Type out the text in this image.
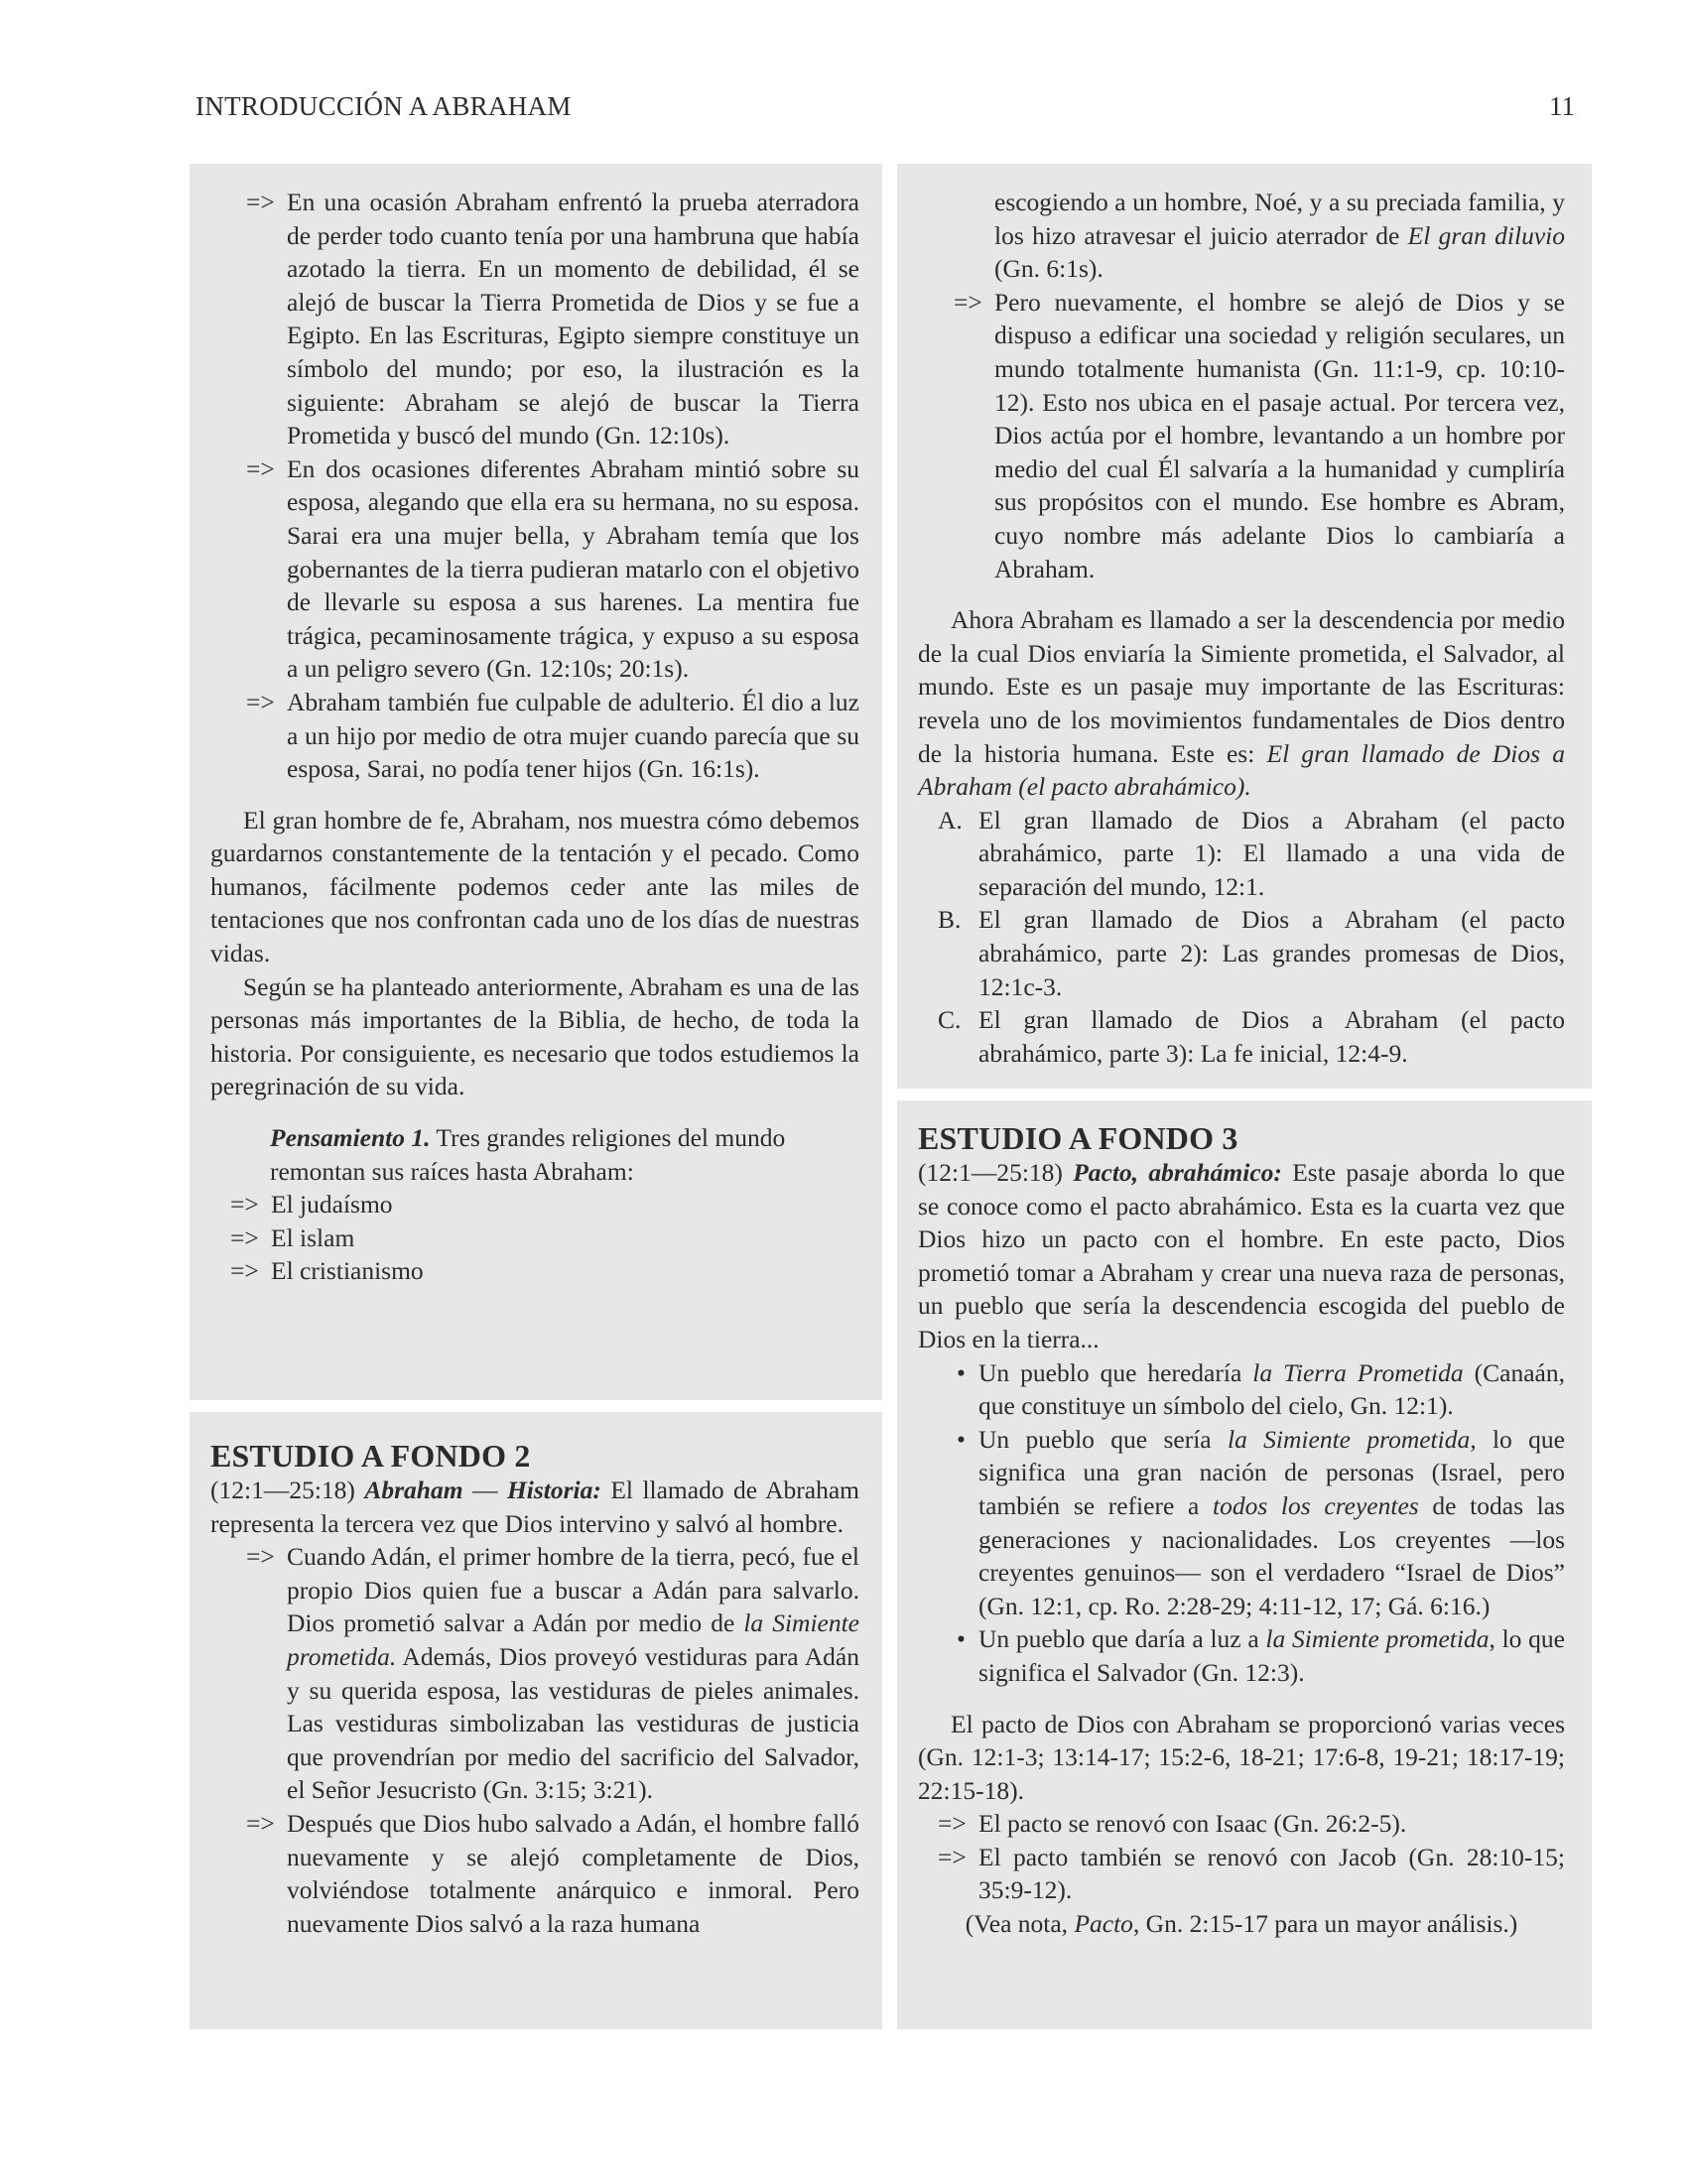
INTRODUCCIÓN A ABRAHAM	11
=> En una ocasión Abraham enfrentó la prueba aterradora de perder todo cuanto tenía por una hambruna que había azotado la tierra. En un momento de debilidad, él se alejó de buscar la Tierra Prometida de Dios y se fue a Egipto. En las Escrituras, Egipto siempre constituye un símbolo del mundo; por eso, la ilustración es la siguiente: Abraham se alejó de buscar la Tierra Prometida y buscó del mundo (Gn. 12:10s).
=> En dos ocasiones diferentes Abraham mintió sobre su esposa, alegando que ella era su hermana, no su esposa. Sarai era una mujer bella, y Abraham temía que los gobernantes de la tierra pudieran matarlo con el objetivo de llevarle su esposa a sus harenes. La mentira fue trágica, pecaminosamente trágica, y expuso a su esposa a un peligro severo (Gn. 12:10s; 20:1s).
=> Abraham también fue culpable de adulterio. Él dio a luz a un hijo por medio de otra mujer cuando parecía que su esposa, Sarai, no podía tener hijos (Gn. 16:1s).

El gran hombre de fe, Abraham, nos muestra cómo debemos guardarnos constantemente de la tentación y el pecado. Como humanos, fácilmente podemos ceder ante las miles de tentaciones que nos confrontan cada uno de los días de nuestras vidas.

Según se ha planteado anteriormente, Abraham es una de las personas más importantes de la Biblia, de hecho, de toda la historia. Por consiguiente, es necesario que todos estudiemos la peregrinación de su vida.

Pensamiento 1. Tres grandes religiones del mundo remontan sus raíces hasta Abraham:

=> El judaísmo
=> El islam
=> El cristianismo
ESTUDIO A FONDO 2

(12:1—25:18) Abraham — Historia: El llamado de Abraham representa la tercera vez que Dios intervino y salvó al hombre.

=> Cuando Adán, el primer hombre de la tierra, pecó, fue el propio Dios quien fue a buscar a Adán para salvarlo. Dios prometió salvar a Adán por medio de la Simiente prometida. Además, Dios proveyó vestiduras para Adán y su querida esposa, las vestiduras de pieles animales. Las vestiduras simbolizaban las vestiduras de justicia que provendrían por medio del sacrificio del Salvador, el Señor Jesucristo (Gn. 3:15; 3:21).
=> Después que Dios hubo salvado a Adán, el hombre falló nuevamente y se alejó completamente de Dios, volviéndose totalmente anárquico e inmoral. Pero nuevamente Dios salvó a la raza humana

escogiendo a un hombre, Noé, y a su preciada familia, y los hizo atravesar el juicio aterrador de El gran diluvio (Gn. 6:1s).

=> Pero nuevamente, el hombre se alejó de Dios y se dispuso a edificar una sociedad y religión seculares, un mundo totalmente humanista (Gn. 11:1-9, cp. 10:10-12). Esto nos ubica en el pasaje actual. Por tercera vez, Dios actúa por el hombre, levantando a un hombre por medio del cual Él salvaría a la humanidad y cumpliría sus propósitos con el mundo. Ese hombre es Abram, cuyo nombre más adelante Dios lo cambiaría a Abraham.

Ahora Abraham es llamado a ser la descendencia por medio de la cual Dios enviaría la Simiente prometida, el Salvador, al mundo. Este es un pasaje muy importante de las Escrituras: revela uno de los movimientos fundamentales de Dios dentro de la historia humana. Este es: El gran llamado de Dios a Abraham (el pacto abrahámico).

A. El gran llamado de Dios a Abraham (el pacto abrahámico, parte 1): El llamado a una vida de separación del mundo, 12:1.
B. El gran llamado de Dios a Abraham (el pacto abrahámico, parte 2): Las grandes promesas de Dios, 12:1c-3.
C. El gran llamado de Dios a Abraham (el pacto abrahámico, parte 3): La fe inicial, 12:4-9.
ESTUDIO A FONDO 3

(12:1—25:18) Pacto, abrahámico: Este pasaje aborda lo que se conoce como el pacto abrahámico. Esta es la cuarta vez que Dios hizo un pacto con el hombre. En este pacto, Dios prometió tomar a Abraham y crear una nueva raza de personas, un pueblo que sería la descendencia escogida del pueblo de Dios en la tierra...

• Un pueblo que heredaría la Tierra Prometida (Canaán, que constituye un símbolo del cielo, Gn. 12:1).
• Un pueblo que sería la Simiente prometida, lo que significa una gran nación de personas (Israel, pero también se refiere a todos los creyentes de todas las generaciones y nacionalidades. Los creyentes —los creyentes genuinos— son el verdadero “Israel de Dios” (Gn. 12:1, cp. Ro. 2:28-29; 4:11-12, 17; Gá. 6:16.)
• Un pueblo que daría a luz a la Simiente prometida, lo que significa el Salvador (Gn. 12:3).

El pacto de Dios con Abraham se proporcionó varias veces (Gn. 12:1-3; 13:14-17; 15:2-6, 18-21; 17:6-8, 19-21; 18:17-19; 22:15-18).

=> El pacto se renovó con Isaac (Gn. 26:2-5).
=> El pacto también se renovó con Jacob (Gn. 28:10-15; 35:9-12).

(Vea nota, Pacto, Gn. 2:15-17 para un mayor análisis.)
